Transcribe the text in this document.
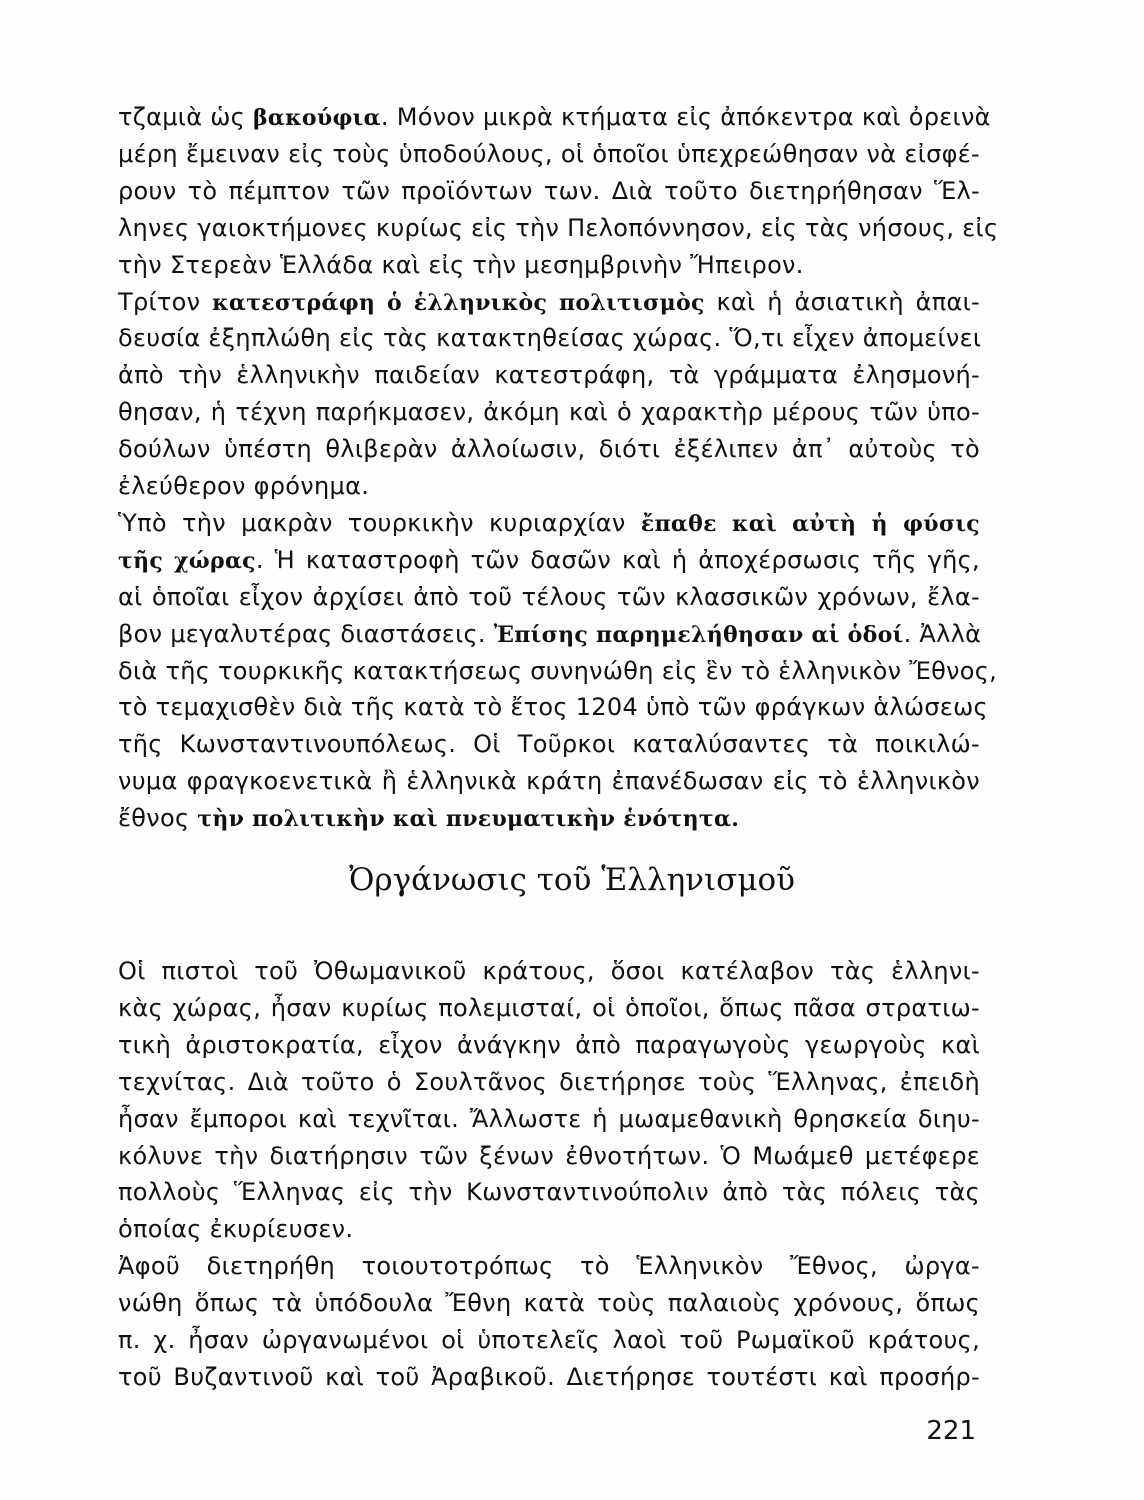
τζαμιὰ ὡς βακούφια. Μόνον μικρὰ κτήματα εἰς ἀπόκεντρα καὶ ὀρεινὰ
μέρη ἔμειναν εἰς τοὺς ὑποδούλους, οἱ ὁποῖοι ὑπεχρεώθησαν νὰ εἰσφέ-
ρουν τὸ πέμπτον τῶν προϊόντων των. Διὰ τοῦτο διετηρήθησαν Ἕλ-
ληνες γαιοκτήμονες κυρίως εἰς τὴν Πελοπόννησον, εἰς τὰς νήσους, εἰς
τὴν Στερεὰν Ἑλλάδα καὶ εἰς τὴν μεσημβρινὴν Ἤπειρον.
Τρίτον κατεστράφη ὁ ἑλληνικὸς πολιτισμὸς καὶ ἡ ἀσιατικὴ ἀπαι-
δευσία ἐξηπλώθη εἰς τὰς κατακτηθείσας χώρας. Ὅ,τι εἶχεν ἀπομείνει
ἀπὸ τὴν ἑλληνικὴν παιδείαν κατεστράφη, τὰ γράμματα ἐλησμονή-
θησαν, ἡ τέχνη παρήκμασεν, ἀκόμη καὶ ὁ χαρακτὴρ μέρους τῶν ὑπο-
δούλων ὑπέστη θλιβερὰν ἀλλοίωσιν, διότι ἐξέλιπεν ἀπ᾽ αὐτοὺς τὸ
ἐλεύθερον φρόνημα.
Ὑπὸ τὴν μακρὰν τουρκικὴν κυριαρχίαν ἔπαθε καὶ αὐτὴ ἡ φύσις
τῆς χώρας. Ἡ καταστροφὴ τῶν δασῶν καὶ ἡ ἀποχέρσωσις τῆς γῆς,
αἱ ὁποῖαι εἶχον ἀρχίσει ἀπὸ τοῦ τέλους τῶν κλασσικῶν χρόνων, ἔλα-
βον μεγαλυτέρας διαστάσεις. Ἐπίσης παρημελήθησαν αἱ ὁδοί. Ἀλλὰ
διὰ τῆς τουρκικῆς κατακτήσεως συνηνώθη εἰς ἓν τὸ ἑλληνικὸν Ἔθνος,
τὸ τεμαχισθὲν διὰ τῆς κατὰ τὸ ἔτος 1204 ὑπὸ τῶν φράγκων ἁλώσεως
τῆς Κωνσταντινουπόλεως. Οἱ Τοῦρκοι καταλύσαντες τὰ ποικιλώ-
νυμα φραγκοενετικὰ ἢ ἑλληνικὰ κράτη ἐπανέδωσαν εἰς τὸ ἑλληνικὸν
ἔθνος τὴν πολιτικὴν καὶ πνευματικὴν ἑνότητα.
Ὀργάνωσις τοῦ Ἑλληνισμοῦ
Οἱ πιστοὶ τοῦ Ὀθωμανικοῦ κράτους, ὅσοι κατέλαβον τὰς ἑλληνι-
κὰς χώρας, ἦσαν κυρίως πολεμισταί, οἱ ὁποῖοι, ὅπως πᾶσα στρατιω-
τικὴ ἀριστοκρατία, εἶχον ἀνάγκην ἀπὸ παραγωγοὺς γεωργοὺς καὶ
τεχνίτας. Διὰ τοῦτο ὁ Σουλτᾶνος διετήρησε τοὺς Ἕλληνας, ἐπειδὴ
ἦσαν ἔμποροι καὶ τεχνῖται. Ἄλλωστε ἡ μωαμεθανικὴ θρησκεία διηυ-
κόλυνε τὴν διατήρησιν τῶν ξένων ἐθνοτήτων. Ὁ Μωάμεθ μετέφερε
πολλοὺς Ἕλληνας εἰς τὴν Κωνσταντινούπολιν ἀπὸ τὰς πόλεις τὰς
ὁποίας ἐκυρίευσεν.
Ἀφοῦ διετηρήθη τοιουτοτρόπως τὸ Ἑλληνικὸν Ἔθνος, ὠργα-
νώθη ὅπως τὰ ὑπόδουλα Ἔθνη κατὰ τοὺς παλαιοὺς χρόνους, ὅπως
π. χ. ἦσαν ὠργανωμένοι οἱ ὑποτελεῖς λαοὶ τοῦ Ρωμαϊκοῦ κράτους,
τοῦ Βυζαντινοῦ καὶ τοῦ Ἀραβικοῦ. Διετήρησε τουτέστι καὶ προσήρ-
221
